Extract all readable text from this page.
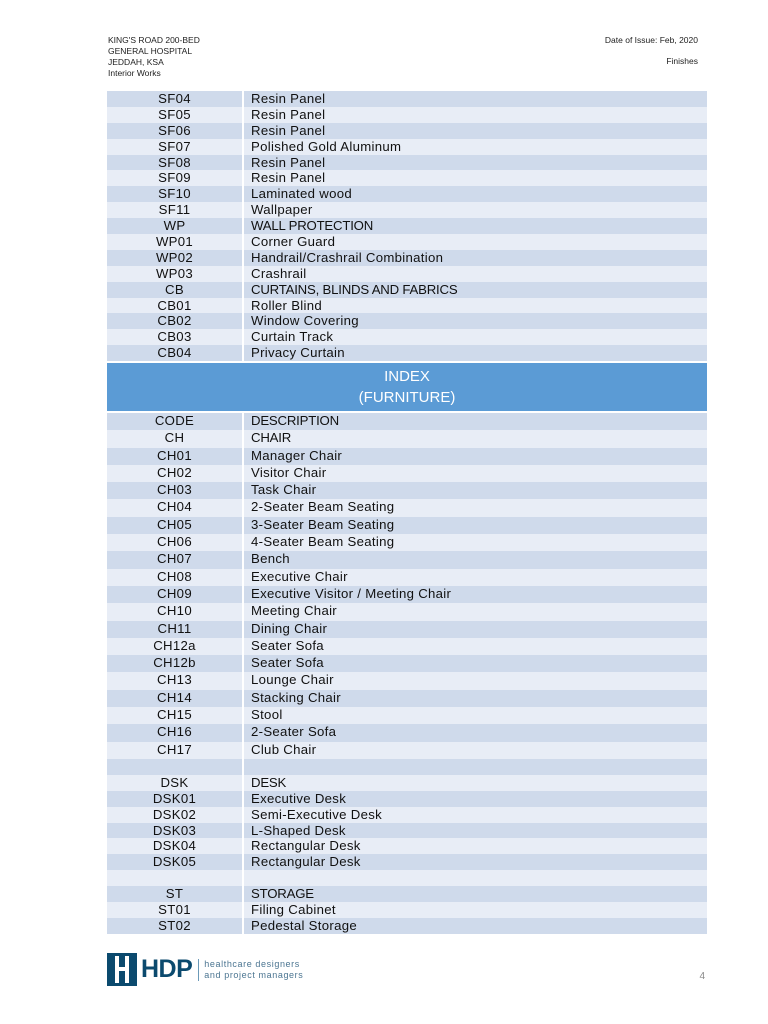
KING'S ROAD 200-BED
GENERAL HOSPITAL
JEDDAH, KSA
Interior Works
Date of Issue: Feb, 2020
Finishes
SF04	Resin Panel
SF05	Resin Panel
SF06	Resin Panel
SF07	Polished Gold Aluminum
SF08	Resin Panel
SF09	Resin Panel
SF10	Laminated wood
SF11	Wallpaper
WP	WALL PROTECTION
WP01	Corner Guard
WP02	Handrail/Crashrail Combination
WP03	Crashrail
CB	CURTAINS, BLINDS AND FABRICS
CB01	Roller Blind
CB02	Window Covering
CB03	Curtain Track
CB04	Privacy Curtain
INDEX
(FURNITURE)
CODE	DESCRIPTION
CH	CHAIR
CH01	Manager Chair
CH02	Visitor Chair
CH03	Task Chair
CH04	2-Seater Beam Seating
CH05	3-Seater Beam Seating
CH06	4-Seater Beam Seating
CH07	Bench
CH08	Executive Chair
CH09	Executive Visitor / Meeting Chair
CH10	Meeting Chair
CH11	Dining Chair
CH12a	Seater Sofa
CH12b	Seater Sofa
CH13	Lounge Chair
CH14	Stacking Chair
CH15	Stool
CH16	2-Seater Sofa
CH17	Club Chair
DSK	DESK
DSK01	Executive Desk
DSK02	Semi-Executive Desk
DSK03	L-Shaped Desk
DSK04	Rectangular Desk
DSK05	Rectangular Desk
ST	STORAGE
ST01	Filing Cabinet
ST02	Pedestal Storage
HDP healthcare designers
and project managers	4
